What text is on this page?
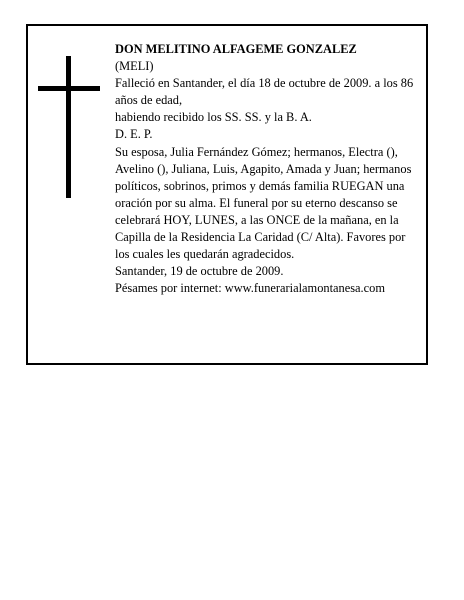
DON MELITINO ALFAGEME GONZALEZ
(MELI)
Falleció en Santander, el día 18 de octubre de 2009. a los 86 años de edad,
habiendo recibido los SS. SS. y la B. A.
D. E. P.
Su esposa, Julia Fernández Gómez; hermanos, Electra (), Avelino (), Juliana, Luis, Agapito, Amada y Juan; hermanos políticos, sobrinos, primos y demás familia RUEGAN una oración por su alma. El funeral por su eterno descanso se celebrará HOY, LUNES, a las ONCE de la mañana, en la Capilla de la Residencia La Caridad (C/ Alta). Favores por los cuales les quedarán agradecidos.
Santander, 19 de octubre de 2009.
Pésames por internet: www.funerarialamontanesa.com
